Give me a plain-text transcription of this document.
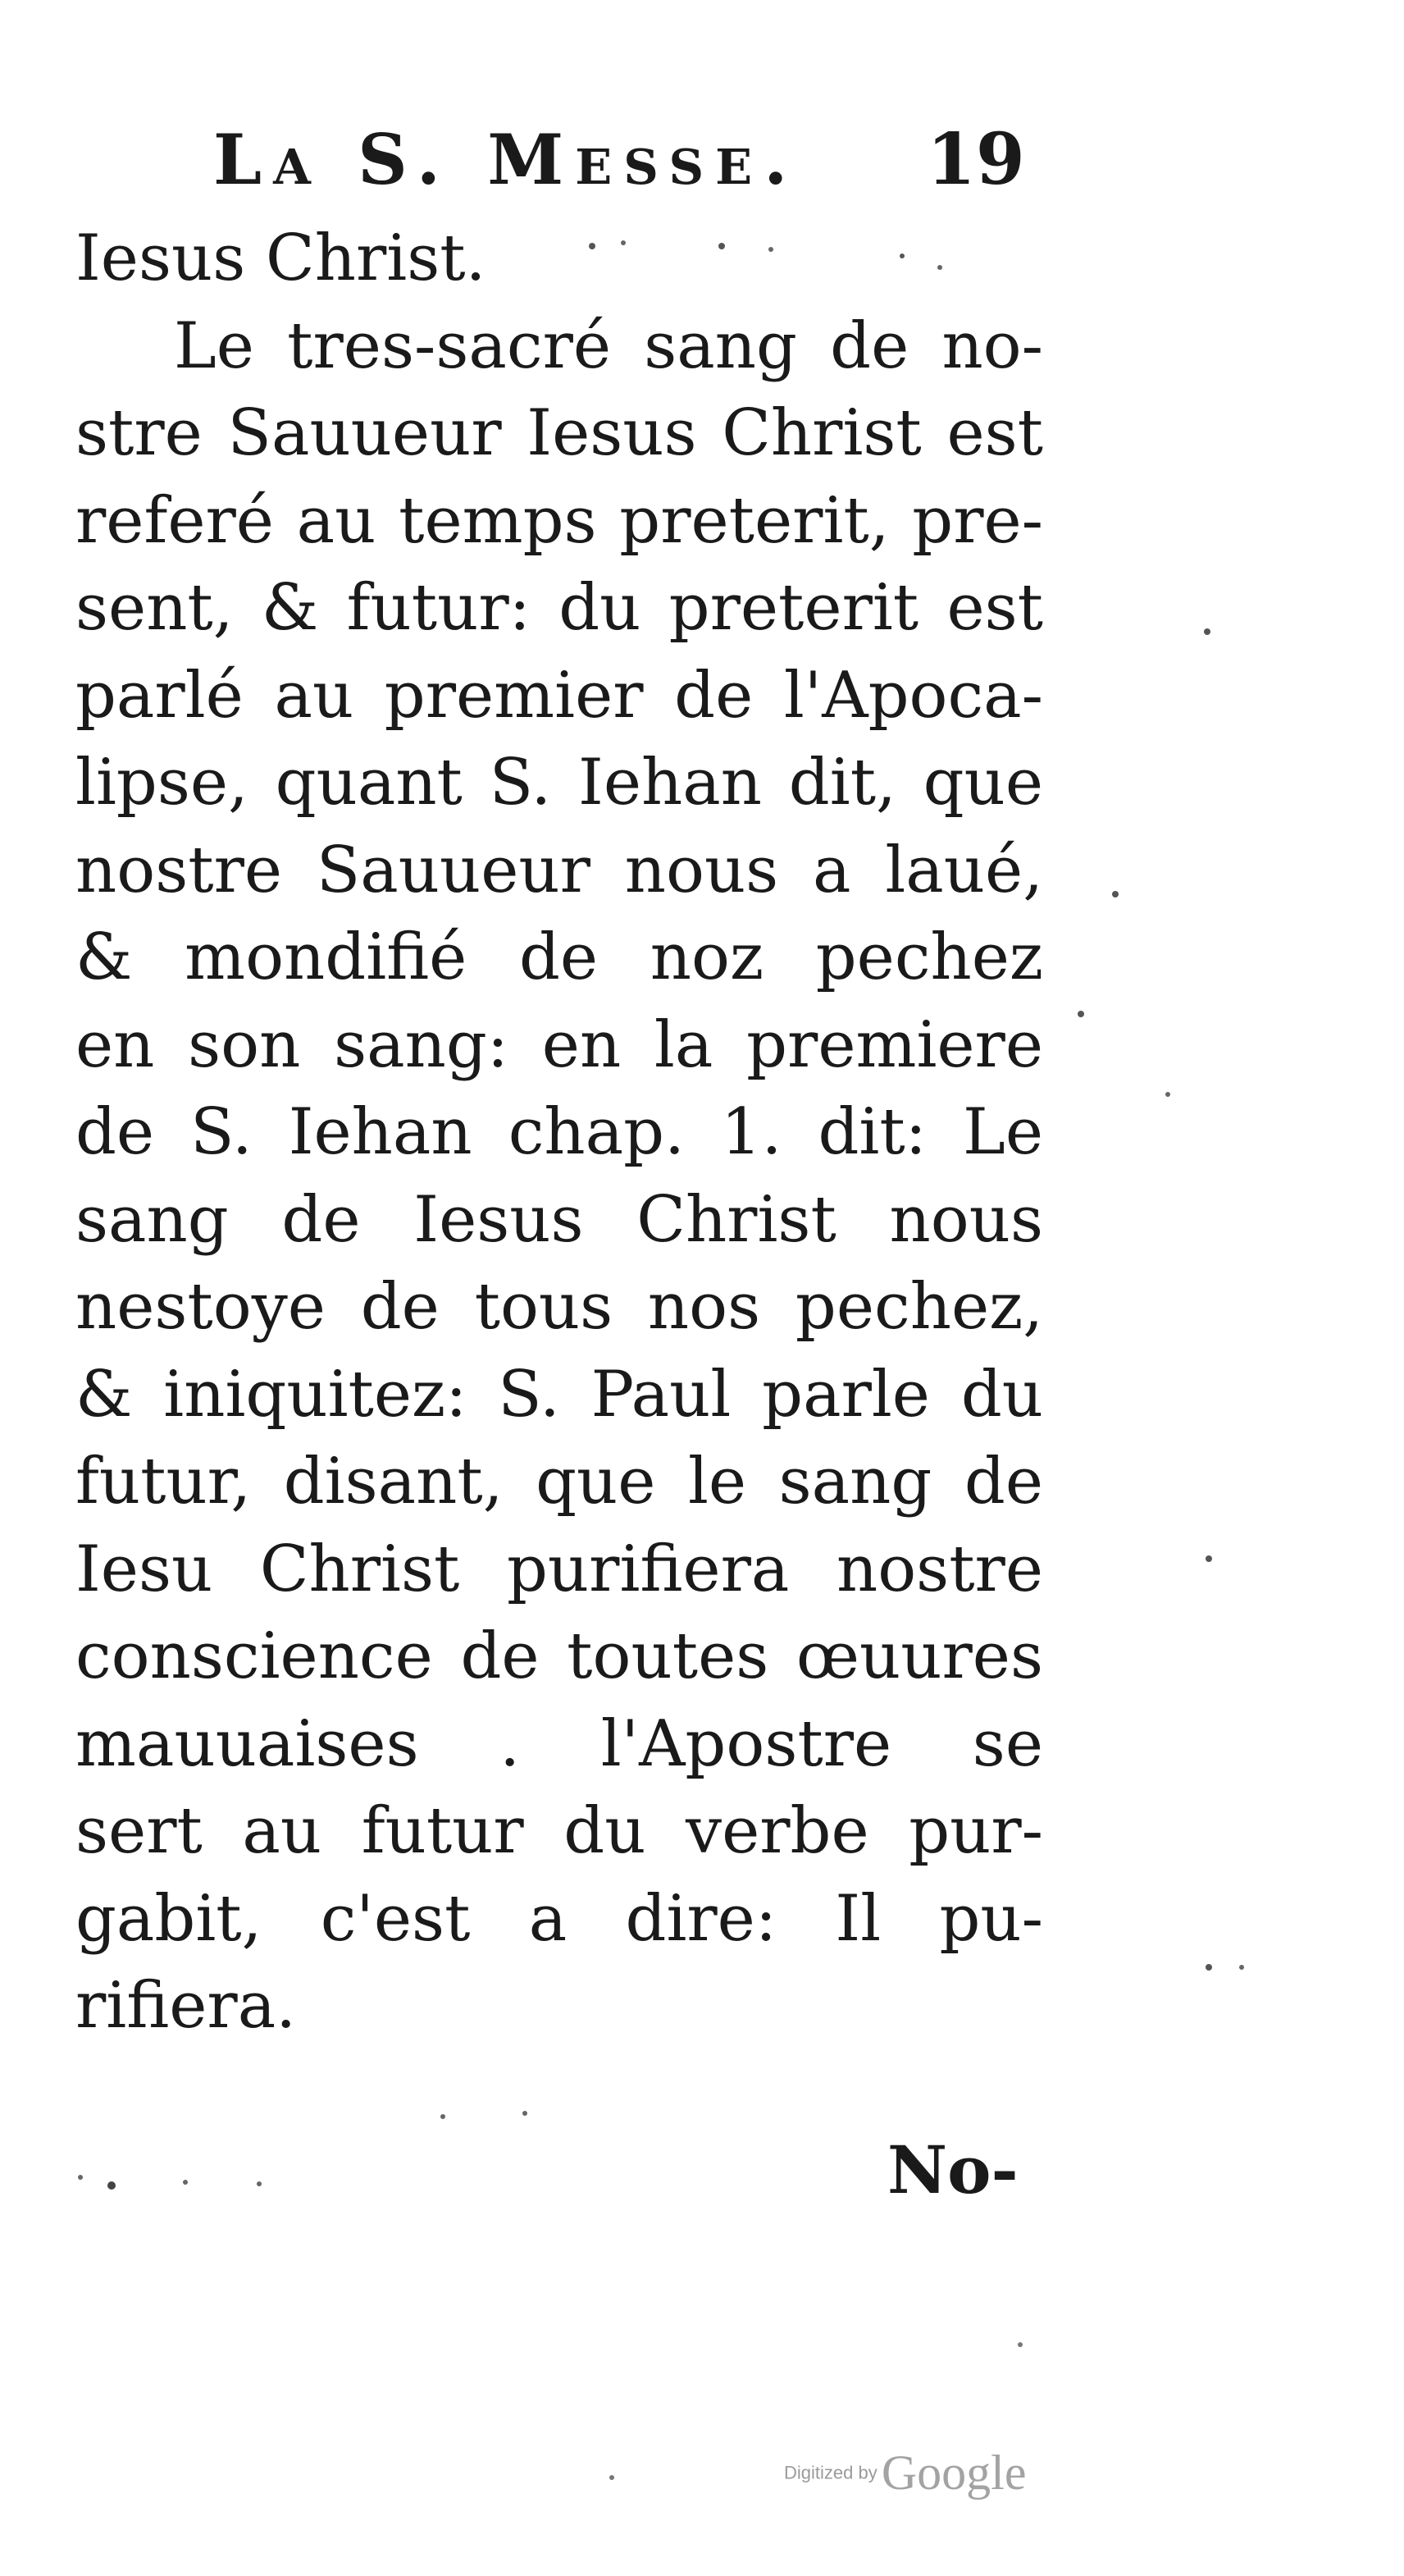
La S. Messe. 19
Iesus Christ.
Le tres-sacré sang de no-
stre Sauueur Iesus Christ est
referé au temps preterit, pre-
sent, & futur: du preterit est
parlé au premier de l'Apoca-
lipse, quant S. Iehan dit, que
nostre Sauueur nous a laué,
& mondifié de noz pechez
en son sang: en la premiere
de S. Iehan chap. 1. dit: Le
sang de Iesus Christ nous
nestoye de tous nos pechez,
& iniquitez: S. Paul parle du
futur, disant, que le sang de
Iesu Christ purifiera nostre
conscience de toutes œuures
mauuaises . l'Apostre se
sert au futur du verbe pur-
gabit, c'est a dire: Il pu-
rifiera.
No-
Digitized by Google
